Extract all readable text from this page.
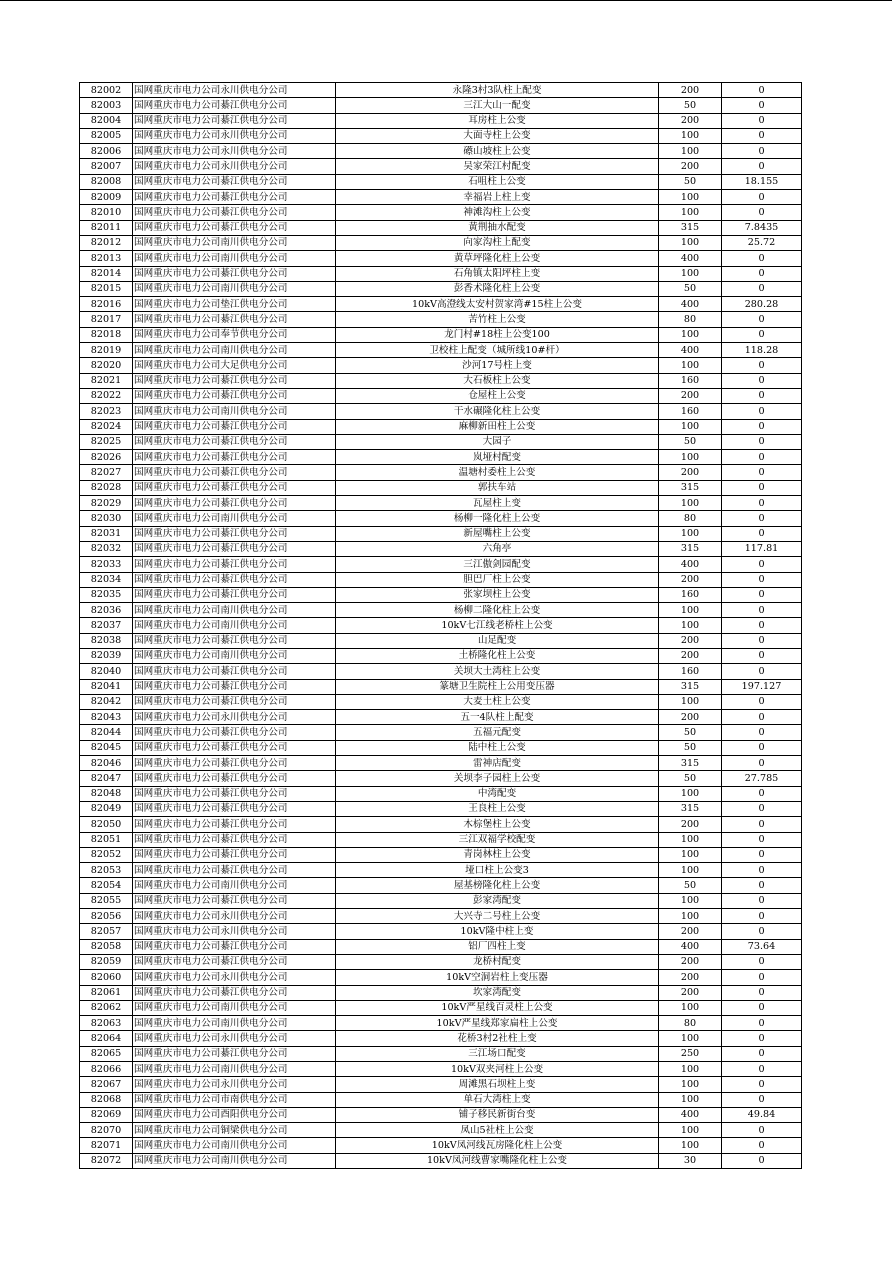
82002	国网重庆市电力公司永川供电分公司	永隆3村3队柱上配变	200	0
82003	国网重庆市电力公司綦江供电分公司	三江大山一配变	50	0
82004	国网重庆市电力公司綦江供电分公司	耳房柱上公变	200	0
82005	国网重庆市电力公司永川供电分公司	大面寺柱上公变	100	0
82006	国网重庆市电力公司永川供电分公司	礤山坡柱上公变	100	0
82007	国网重庆市电力公司永川供电分公司	吴家荣江村配变	200	0
82008	国网重庆市电力公司綦江供电分公司	石咀柱上公变	50	18.155
82009	国网重庆市电力公司綦江供电分公司	幸福岩上柱上变	100	0
82010	国网重庆市电力公司綦江供电分公司	神滩沟柱上公变	100	0
82011	国网重庆市电力公司綦江供电分公司	黄荆抽水配变	315	7.8435
82012	国网重庆市电力公司南川供电分公司	向家沟柱上配变	100	25.72
82013	国网重庆市电力公司南川供电分公司	黄草坪隆化柱上公变	400	0
82014	国网重庆市电力公司綦江供电分公司	石角镇太阳坪柱上变	100	0
82015	国网重庆市电力公司南川供电分公司	彭香术隆化柱上公变	50	0
82016	国网重庆市电力公司垫江供电分公司	10kV高澄线太安村贺家湾#15柱上公变	400	280.28
82017	国网重庆市电力公司綦江供电分公司	苦竹柱上公变	80	0
82018	国网重庆市电力公司奉节供电分公司	龙门村#18柱上公变100	100	0
82019	国网重庆市电力公司南川供电分公司	卫校柱上配变（城所线10#杆）	400	118.28
82020	国网重庆市电力公司大足供电分公司	沙河17号柱上变	100	0
82021	国网重庆市电力公司綦江供电分公司	大石板柱上公变	160	0
82022	国网重庆市电力公司綦江供电分公司	仓屋柱上公变	200	0
82023	国网重庆市电力公司南川供电分公司	干水碾隆化柱上公变	160	0
82024	国网重庆市电力公司綦江供电分公司	麻柳新田柱上公变	100	0
82025	国网重庆市电力公司綦江供电分公司	大园子	50	0
82026	国网重庆市电力公司綦江供电分公司	岚垭村配变	100	0
82027	国网重庆市电力公司綦江供电分公司	温塘村委柱上公变	200	0
82028	国网重庆市电力公司綦江供电分公司	郭扶车站	315	0
82029	国网重庆市电力公司綦江供电分公司	瓦屋柱上变	100	0
82030	国网重庆市电力公司南川供电分公司	杨柳一隆化柱上公变	80	0
82031	国网重庆市电力公司綦江供电分公司	新屋嘴柱上公变	100	0
82032	国网重庆市电力公司綦江供电分公司	六角亭	315	117.81
82033	国网重庆市电力公司綦江供电分公司	三江傲剑园配变	400	0
82034	国网重庆市电力公司綦江供电分公司	胆巴厂柱上公变	200	0
82035	国网重庆市电力公司綦江供电分公司	张家坝柱上公变	160	0
82036	国网重庆市电力公司南川供电分公司	杨柳二隆化柱上公变	100	0
82037	国网重庆市电力公司南川供电分公司	10kV七江线老桥柱上公变	100	0
82038	国网重庆市电力公司綦江供电分公司	山足配变	200	0
82039	国网重庆市电力公司南川供电分公司	土桥隆化柱上公变	200	0
82040	国网重庆市电力公司綦江供电分公司	关坝大土湾柱上公变	160	0
82041	国网重庆市电力公司綦江供电分公司	篆塘卫生院柱上公用变压器	315	197.127
82042	国网重庆市电力公司綦江供电分公司	大麦土柱上公变	100	0
82043	国网重庆市电力公司永川供电分公司	五一4队柱上配变	200	0
82044	国网重庆市电力公司綦江供电分公司	五福元配变	50	0
82045	国网重庆市电力公司綦江供电分公司	陆中柱上公变	50	0
82046	国网重庆市电力公司綦江供电分公司	雷神店配变	315	0
82047	国网重庆市电力公司綦江供电分公司	关坝李子园柱上公变	50	27.785
82048	国网重庆市电力公司綦江供电分公司	中湾配变	100	0
82049	国网重庆市电力公司綦江供电分公司	王良柱上公变	315	0
82050	国网重庆市电力公司綦江供电分公司	木棕堡柱上公变	200	0
82051	国网重庆市电力公司綦江供电分公司	三江双福学校配变	100	0
82052	国网重庆市电力公司綦江供电分公司	青岗林柱上公变	100	0
82053	国网重庆市电力公司綦江供电分公司	垭口柱上公变3	100	0
82054	国网重庆市电力公司南川供电分公司	屋基榜隆化柱上公变	50	0
82055	国网重庆市电力公司綦江供电分公司	彭家湾配变	100	0
82056	国网重庆市电力公司永川供电分公司	大兴寺二号柱上公变	100	0
82057	国网重庆市电力公司永川供电分公司	10kV隆中柱上变	200	0
82058	国网重庆市电力公司綦江供电分公司	铝厂四柱上变	400	73.64
82059	国网重庆市电力公司綦江供电分公司	龙桥村配变	200	0
82060	国网重庆市电力公司永川供电分公司	10kV空洞岩柱上变压器	200	0
82061	国网重庆市电力公司綦江供电分公司	坎家湾配变	200	0
82062	国网重庆市电力公司南川供电分公司	10kV严星线百灵柱上公变	100	0
82063	国网重庆市电力公司南川供电分公司	10kV严星线郑家扁柱上公变	80	0
82064	国网重庆市电力公司永川供电分公司	花桥3村2社柱上变	100	0
82065	国网重庆市电力公司綦江供电分公司	三江场口配变	250	0
82066	国网重庆市电力公司南川供电分公司	10kV双夹河柱上公变	100	0
82067	国网重庆市电力公司永川供电分公司	周滩黑石坝柱上变	100	0
82068	国网重庆市电力公司市南供电分公司	单石大湾柱上变	100	0
82069	国网重庆市电力公司酉阳供电分公司	铺子移民新街台变	400	49.84
82070	国网重庆市电力公司铜梁供电分公司	凤山5社柱上公变	100	0
82071	国网重庆市电力公司南川供电分公司	10kV凤河线瓦房隆化柱上公变	100	0
82072	国网重庆市电力公司南川供电分公司	10kV凤河线曹家嘴隆化柱上公变	30	0
